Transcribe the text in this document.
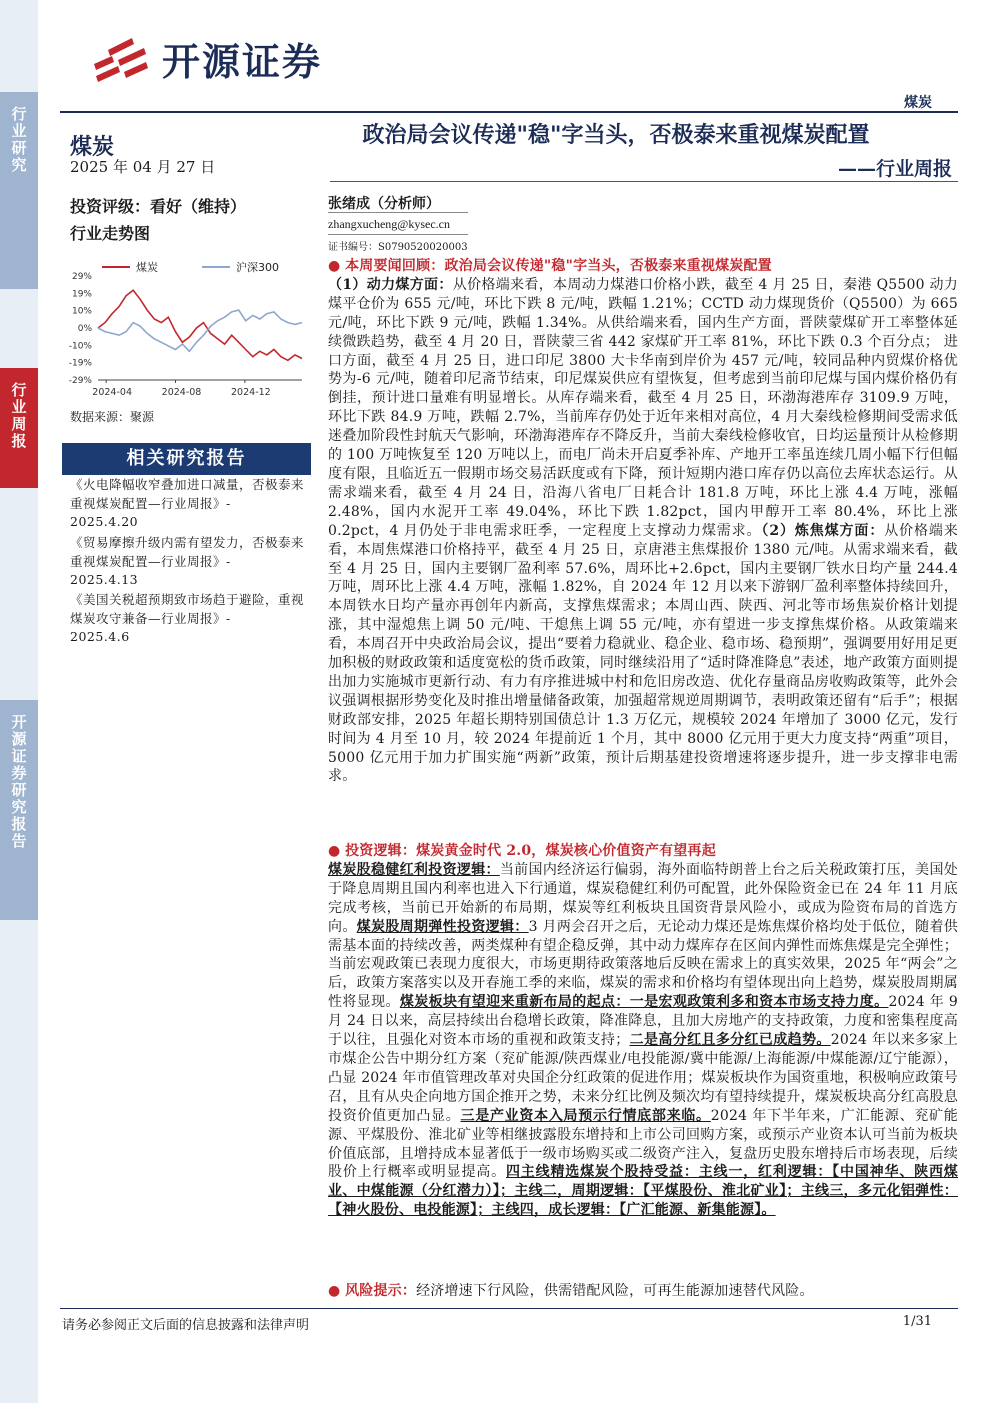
行
业
研
究
行
业
周
报
开
源
证
券
研
究
报
告
开源证券
煤炭
煤炭
2025 年 04 月 27 日
政治局会议传递"稳"字当头，否极泰来重视煤炭配置
——行业周报
投资评级：看好（维持）
行业走势图
煤炭	沪深300
29%
19%
10%
0%
-10%
-19%
-29%
2024-04	2024-08	2024-12
数据来源：聚源
相关研究报告
《火电降幅收窄叠加进口减量，否极泰来重视煤炭配置—行业周报》-
2025.4.20
《贸易摩擦升级内需有望发力，否极泰来重视煤炭配置—行业周报》-
2025.4.13
《美国关税超预期致市场趋于避险，重视煤炭攻守兼备—行业周报》-
2025.4.6
张绪成（分析师）
zhangxucheng@kysec.cn
证书编号：S0790520020003
● 本周要闻回顾：政治局会议传递"稳"字当头，否极泰来重视煤炭配置
（1）动力煤方面：从价格端来看，本周动力煤港口价格小跌，截至 4 月 25 日，秦港 Q5500 动力煤平仓价为 655 元/吨，环比下跌 8 元/吨，跌幅 1.21%；CCTD 动力煤现货价（Q5500）为 665 元/吨，环比下跌 9 元/吨，跌幅 1.34%。从供给端来看，国内生产方面，晋陕蒙煤矿开工率整体延续微跌趋势，截至 4 月 20 日，晋陕蒙三省 442 家煤矿开工率 81%，环比下跌 0.3 个百分点； 进口方面，截至 4 月 25 日，进口印尼 3800 大卡华南到岸价为 457 元/吨，较同品种内贸煤价格优势为-6 元/吨，随着印尼斋节结束，印尼煤炭供应有望恢复，但考虑到当前印尼煤与国内煤价格仍有倒挂，预计进口量难有明显增长。从库存端来看，截至 4 月 25 日，环渤海港库存 3109.9 万吨，环比下跌 84.9 万吨，跌幅 2.7%，当前库存仍处于近年来相对高位，4 月大秦线检修期间受需求低迷叠加阶段性封航天气影响，环渤海港库存不降反升，当前大秦线检修收官，日均运量预计从检修期的 100 万吨恢复至 120 万吨以上，而电厂尚未开启夏季补库、产地开工率虽连续几周小幅下行但幅度有限，且临近五一假期市场交易活跃度或有下降，预计短期内港口库存仍以高位去库状态运行。从需求端来看，截至 4 月 24 日，沿海八省电厂日耗合计 181.8 万吨，环比上涨 4.4 万吨，涨幅 2.48%，国内水泥开工率 49.04%，环比下跌 1.82pct，国内甲醇开工率 80.4%，环比上涨 0.2pct，4 月仍处于非电需求旺季，一定程度上支撑动力煤需求。（2）炼焦煤方面：从价格端来看，本周焦煤港口价格持平，截至 4 月 25 日，京唐港主焦煤报价 1380 元/吨。从需求端来看，截至 4 月 25 日，国内主要钢厂盈利率 57.6%，周环比+2.6pct，国内主要钢厂铁水日均产量 244.4 万吨，周环比上涨 4.4 万吨，涨幅 1.82%，自 2024 年 12 月以来下游钢厂盈利率整体持续回升，本周铁水日均产量亦再创年内新高，支撑焦煤需求；本周山西、陕西、河北等市场焦炭价格计划提涨，其中湿熄焦上调 50 元/吨、干熄焦上调 55 元/吨，亦有望进一步支撑焦煤价格。从政策端来看，本周召开中央政治局会议，提出“要着力稳就业、稳企业、稳市场、稳预期”，强调要用好用足更加积极的财政政策和适度宽松的货币政策，同时继续沿用了“适时降准降息”表述，地产政策方面则提出加力实施城市更新行动、有力有序推进城中村和危旧房改造、优化存量商品房收购政策等，此外会议强调根据形势变化及时推出增量储备政策，加强超常规逆周期调节，表明政策还留有“后手”；根据财政部安排，2025 年超长期特别国债总计 1.3 万亿元，规模较 2024 年增加了 3000 亿元，发行时间为 4 月至 10 月，较 2024 年提前近 1 个月，其中 8000 亿元用于更大力度支持“两重”项目，5000 亿元用于加力扩围实施“两新”政策，预计后期基建投资增速将逐步提升，进一步支撑非电需求。
● 投资逻辑：煤炭黄金时代 2.0，煤炭核心价值资产有望再起
煤炭股稳健红利投资逻辑：当前国内经济运行偏弱，海外面临特朗普上台之后关税政策打压，美国处于降息周期且国内利率也进入下行通道，煤炭稳健红利仍可配置，此外保险资金已在 24 年 11 月底完成考核，当前已开始新的布局期，煤炭等红利板块且国资背景风险小，或成为险资布局的首选方向。煤炭股周期弹性投资逻辑：3 月两会召开之后，无论动力煤还是炼焦煤价格均处于低位，随着供需基本面的持续改善，两类煤种有望企稳反弹，其中动力煤库存在区间内弹性而炼焦煤是完全弹性；当前宏观政策已表现力度很大，市场更期待政策落地后反映在需求上的真实效果，2025 年“两会”之后，政策方案落实以及开春施工季的来临，煤炭的需求和价格均有望体现出向上趋势，煤炭股周期属性将显现。煤炭板块有望迎来重新布局的起点：一是宏观政策利多和资本市场支持力度。2024 年 9 月 24 日以来，高层持续出台稳增长政策，降准降息，且加大房地产的支持政策，力度和密集程度高于以往，且强化对资本市场的重视和政策支持；二是高分红且多分红已成趋势。2024 年以来多家上市煤企公告中期分红方案（兖矿能源/陕西煤业/电投能源/冀中能源/上海能源/中煤能源/辽宁能源），凸显 2024 年市值管理改革对央国企分红政策的促进作用；煤炭板块作为国资重地，积极响应政策号召，且有从央企向地方国企推开之势，未来分红比例及频次均有望持续提升，煤炭板块高分红高股息投资价值更加凸显。三是产业资本入局预示行情底部来临。2024 年下半年来，广汇能源、兖矿能源、平煤股份、淮北矿业等相继披露股东增持和上市公司回购方案，或预示产业资本认可当前为板块价值底部，且增持成本显著低于一级市场购买或二级资产注入，复盘历史股东增持后市场表现，后续股价上行概率或明显提高。四主线精选煤炭个股持受益：主线一，红利逻辑：【中国神华、陕西煤业、中煤能源（分红潜力）】；主线二，周期逻辑：【平煤股份、淮北矿业】；主线三，多元化铝弹性：【神火股份、电投能源】；主线四，成长逻辑：【广汇能源、新集能源】。
● 风险提示：经济增速下行风险，供需错配风险，可再生能源加速替代风险。
请务必参阅正文后面的信息披露和法律声明	1/31
